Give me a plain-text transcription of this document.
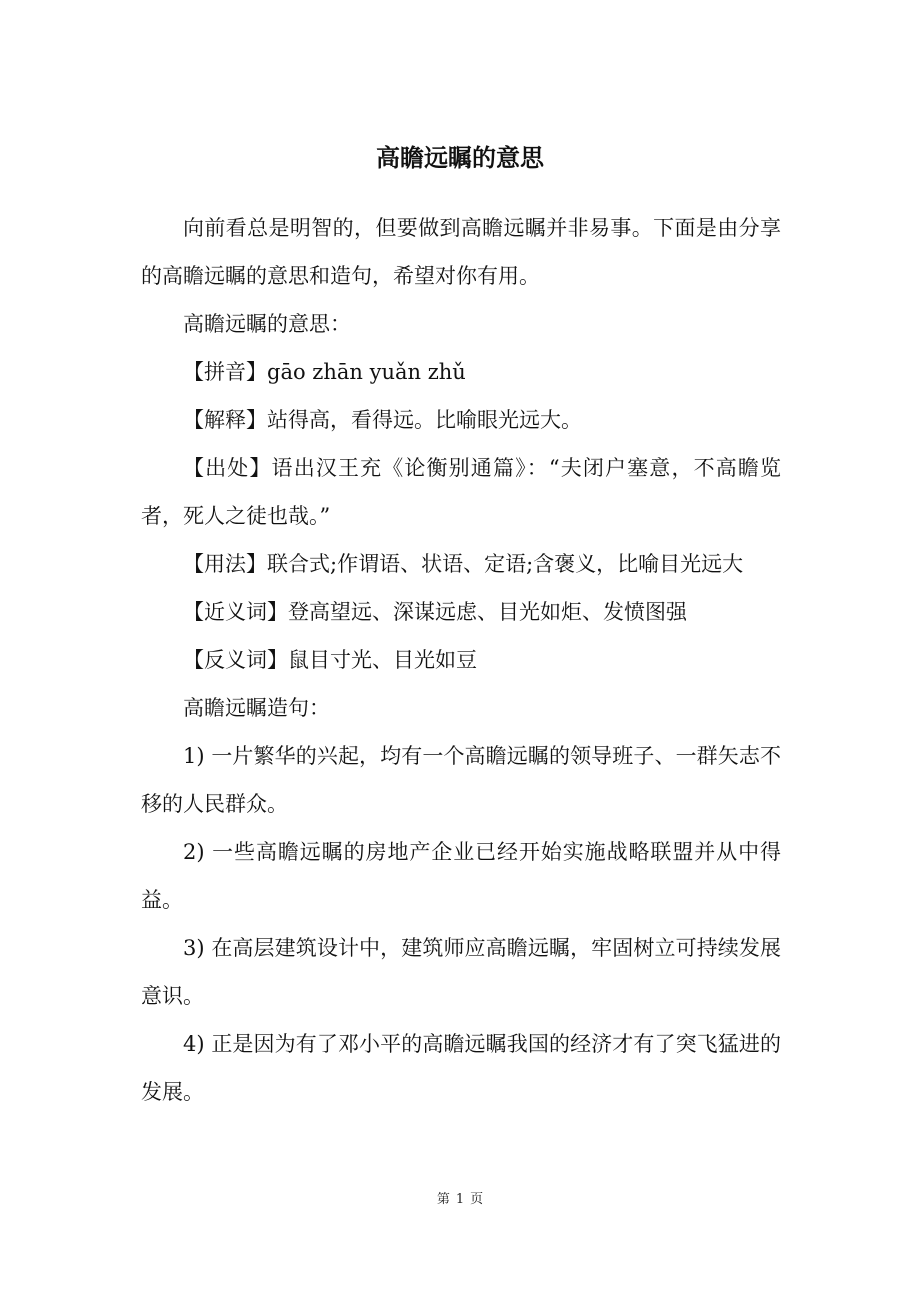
高瞻远瞩的意思

向前看总是明智的，但要做到高瞻远瞩并非易事。下面是由分享的高瞻远瞩的意思和造句，希望对你有用。

高瞻远瞩的意思：

【拼音】gāo zhān yuǎn zhǔ

【解释】站得高，看得远。比喻眼光远大。

【出处】语出汉王充《论衡别通篇》：“夫闭户塞意，不高瞻览者，死人之徒也哉。”

【用法】联合式;作谓语、状语、定语;含褒义，比喻目光远大

【近义词】登高望远、深谋远虑、目光如炬、发愤图强

【反义词】鼠目寸光、目光如豆

高瞻远瞩造句：

1) 一片繁华的兴起，均有一个高瞻远瞩的领导班子、一群矢志不移的人民群众。

2) 一些高瞻远瞩的房地产企业已经开始实施战略联盟并从中得益。

3) 在高层建筑设计中，建筑师应高瞻远瞩，牢固树立可持续发展意识。

4) 正是因为有了邓小平的高瞻远瞩我国的经济才有了突飞猛进的发展。

第 1 页
